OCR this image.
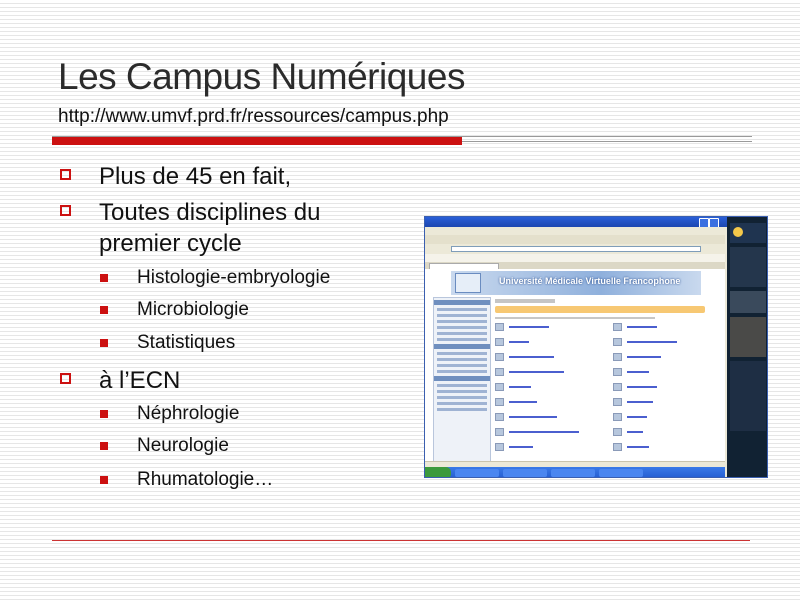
Les Campus Numériques
http://www.umvf.prd.fr/ressources/campus.php
Plus de 45 en fait,
Toutes disciplines du
premier cycle
Histologie-embryologie
Microbiologie
Statistiques
à l’ECN
Néphrologie
Neurologie
Rhumatologie…
Université Médicale Virtuelle Francophone
